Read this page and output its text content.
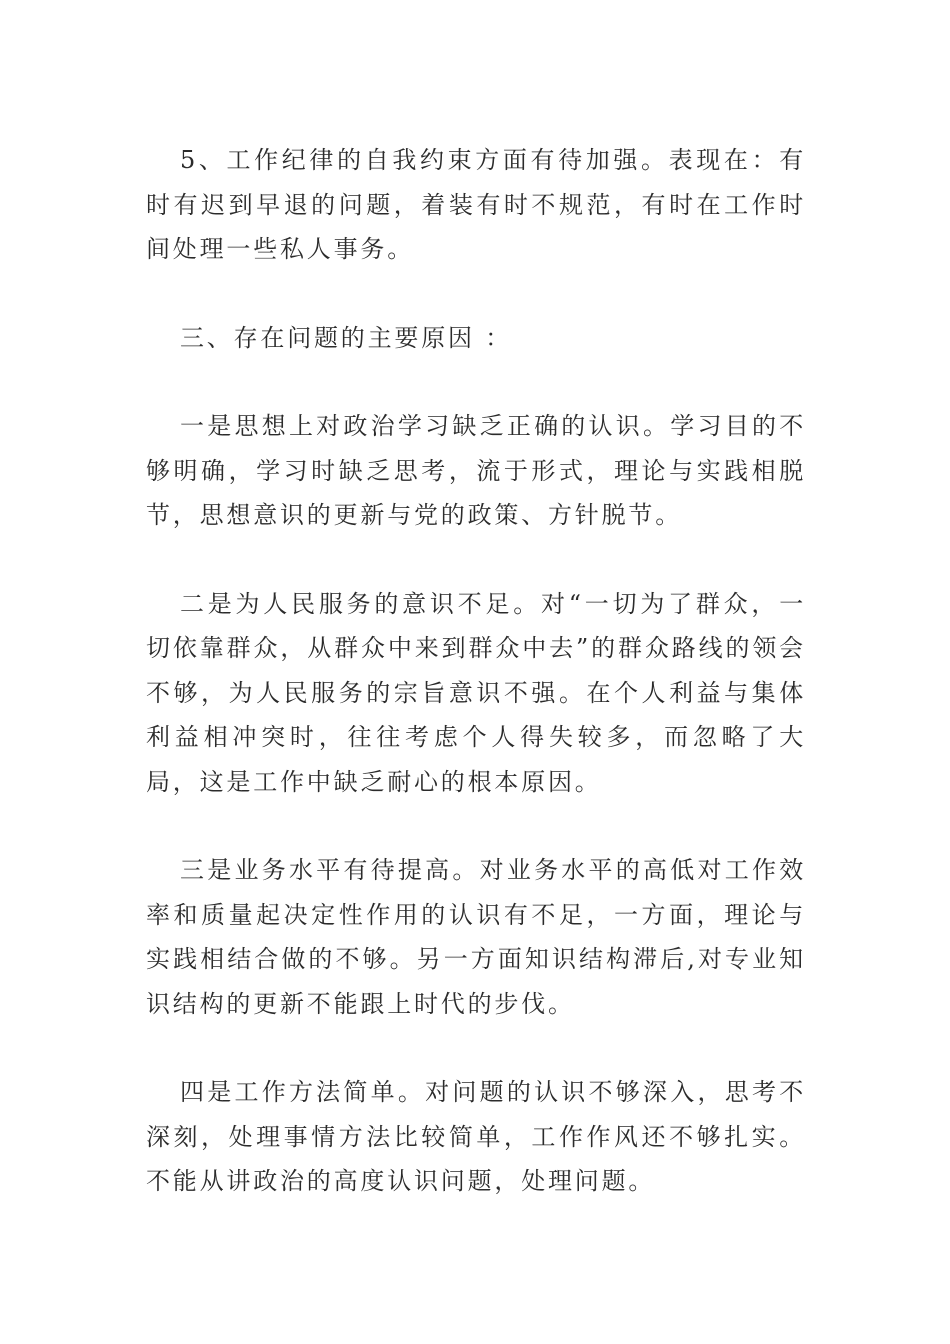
5、工作纪律的自我约束方面有待加强。表现在：有时有迟到早退的问题，着装有时不规范，有时在工作时间处理一些私人事务。

三、存在问题的主要原因 ：

一是思想上对政治学习缺乏正确的认识。学习目的不够明确，学习时缺乏思考，流于形式，理论与实践相脱节，思想意识的更新与党的政策、方针脱节。

二是为人民服务的意识不足。对“一切为了群众，一切依靠群众，从群众中来到群众中去”的群众路线的领会不够，为人民服务的宗旨意识不强。在个人利益与集体利益相冲突时，往往考虑个人得失较多，而忽略了大局，这是工作中缺乏耐心的根本原因。

三是业务水平有待提高。对业务水平的高低对工作效率和质量起决定性作用的认识有不足，一方面，理论与实践相结合做的不够。另一方面知识结构滞后,对专业知识结构的更新不能跟上时代的步伐。

四是工作方法简单。对问题的认识不够深入，思考不深刻，处理事情方法比较简单，工作作风还不够扎实。不能从讲政治的高度认识问题，处理问题。
